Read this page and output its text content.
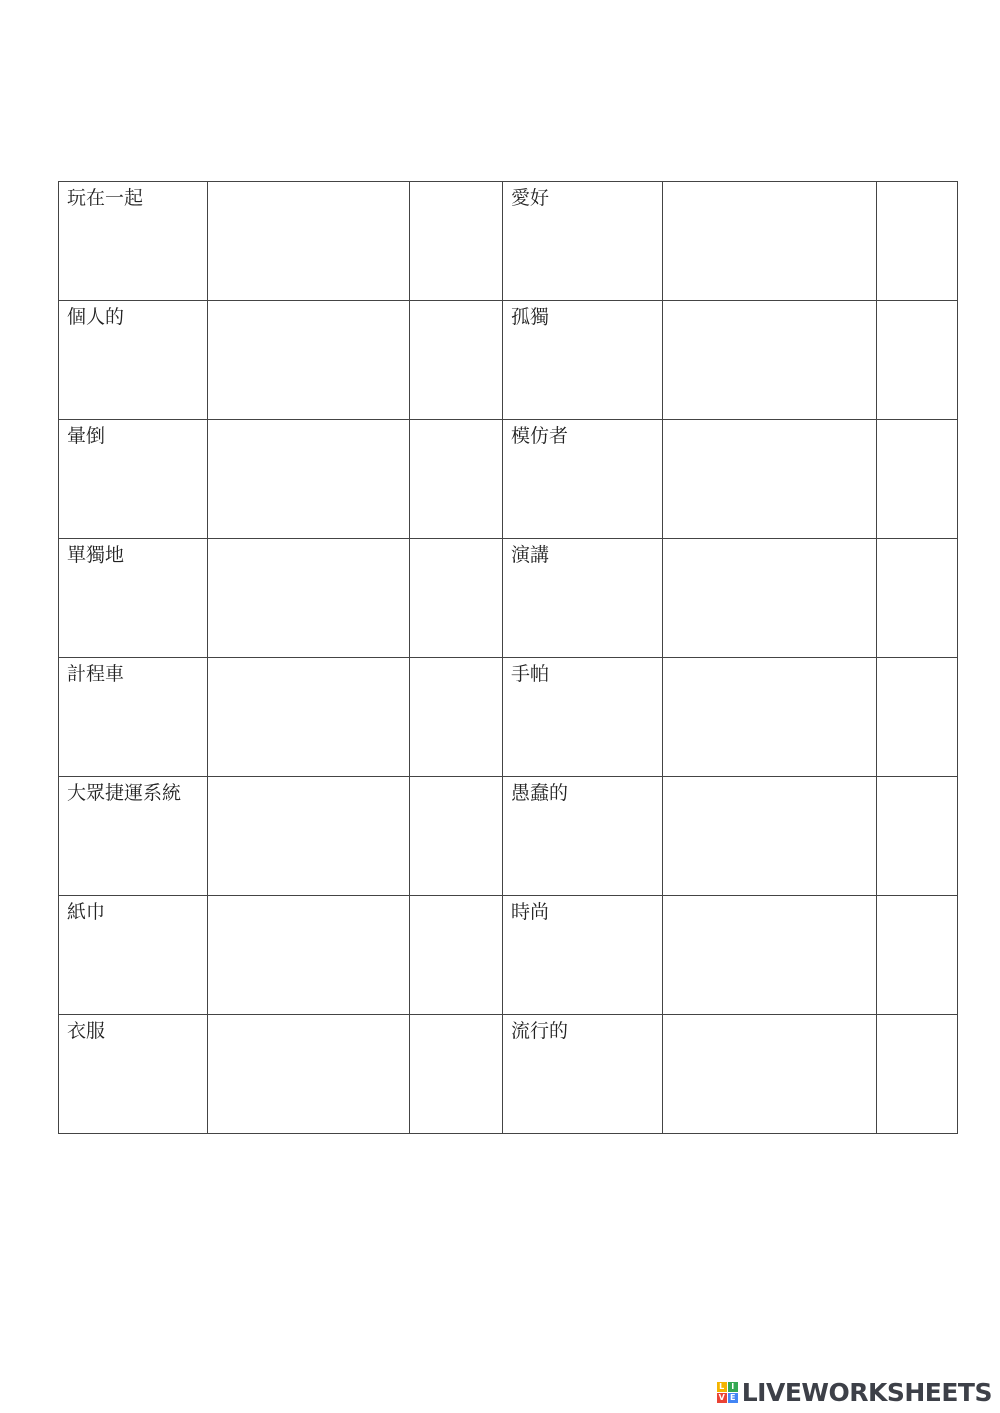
玩在一起			愛好		
個人的			孤獨		
暈倒			模仿者		
單獨地			演講		
計程車			手帕		
大眾捷運系統			愚蠢的		
紙巾			時尚		
衣服			流行的		
L I
V E LIVEWORKSHEETS
